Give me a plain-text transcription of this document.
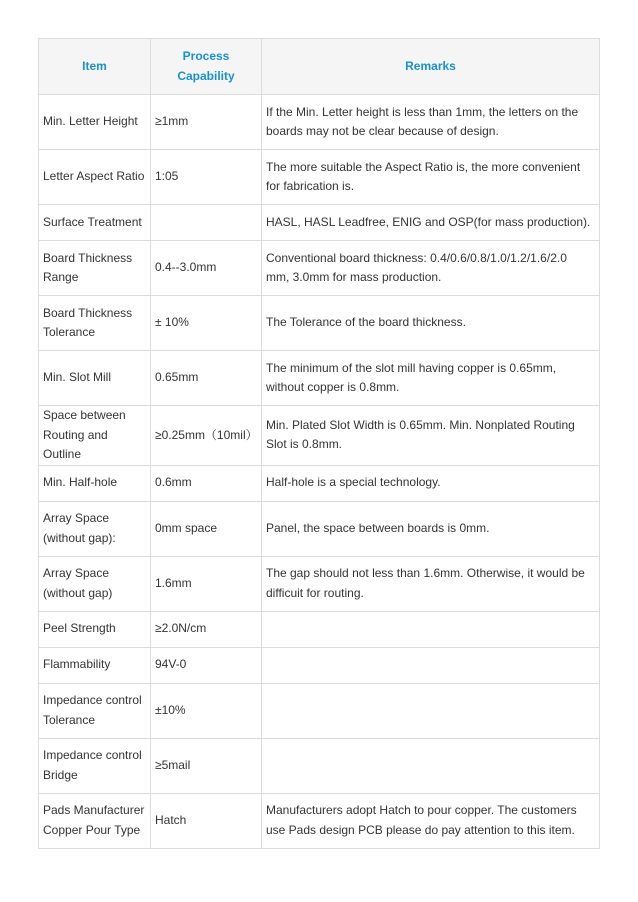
Item	Process Capability	Remarks
Min. Letter Height	≥1mm	If the Min. Letter height is less than 1mm, the letters on the boards may not be clear because of design.
Letter Aspect Ratio	1:05	The more suitable the Aspect Ratio is, the more convenient for fabrication is.
Surface Treatment		HASL, HASL Leadfree, ENIG and OSP(for mass production).
Board Thickness Range	0.4--3.0mm	Conventional board thickness: 0.4/0.6/0.8/1.0/1.2/1.6/2.0 mm, 3.0mm for mass production.
Board Thickness Tolerance	± 10%	The Tolerance of the board thickness.
Min. Slot Mill	0.65mm	The minimum of the slot mill having copper is 0.65mm, without copper is 0.8mm.
Space between Routing and Outline	≥0.25mm（10mil）	Min. Plated Slot Width is 0.65mm. Min. Nonplated Routing Slot is 0.8mm.
Min. Half-hole	0.6mm	Half-hole is a special technology.
Array Space (without gap):	0mm space	Panel, the space between boards is 0mm.
Array Space (without gap)	1.6mm	The gap should not less than 1.6mm. Otherwise, it would be difficuit for routing.
Peel Strength	≥2.0N/cm	
Flammability	94V-0	
Impedance control Tolerance	±10%	
Impedance control Bridge	≥5mail	
Pads Manufacturer Copper Pour Type	Hatch	Manufacturers adopt Hatch to pour copper. The customers use Pads design PCB please do pay attention to this item.
